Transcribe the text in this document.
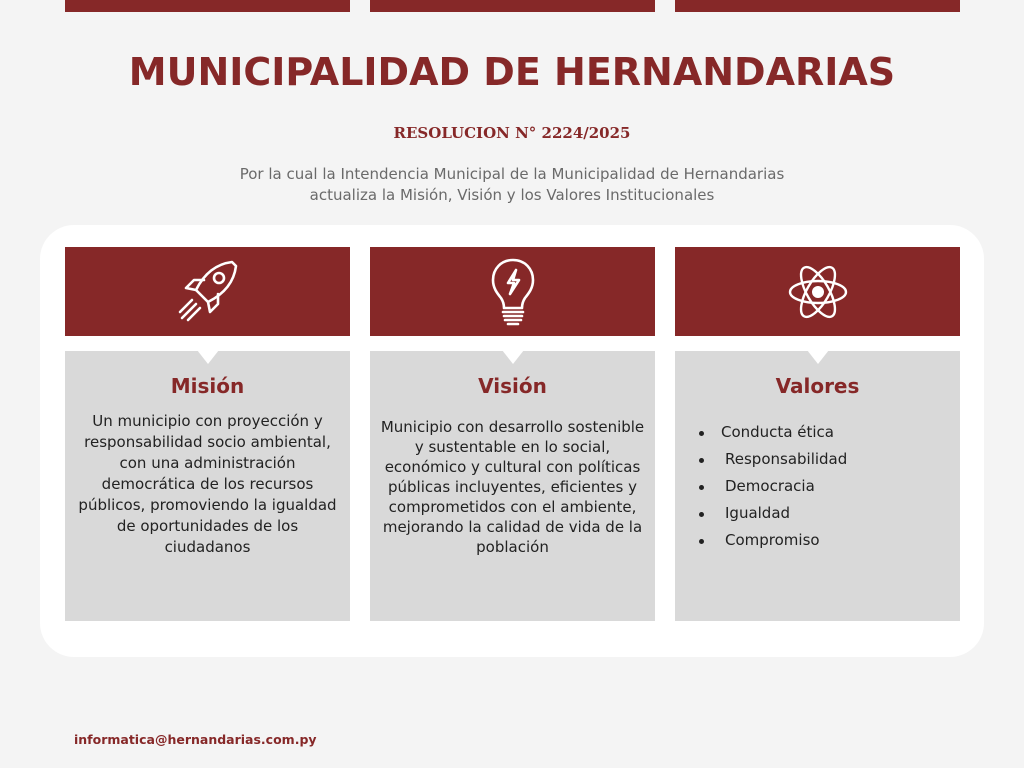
MUNICIPALIDAD DE HERNANDARIAS
RESOLUCION N° 2224/2025
Por la cual la Intendencia Municipal de la Municipalidad de Hernandarias
actualiza la Misión, Visión y los Valores Institucionales
Misión
Un municipio con proyección y responsabilidad socio ambiental, con una administración democrática de los recursos públicos, promoviendo la igualdad de oportunidades de los ciudadanos
Visión
Municipio con desarrollo sostenible y sustentable en lo social, económico y cultural con políticas públicas incluyentes, eficientes y comprometidos con el ambiente, mejorando la calidad de vida de la población
Valores
Conducta ética
Responsabilidad
Democracia
Igualdad
Compromiso
informatica@hernandarias.com.py
